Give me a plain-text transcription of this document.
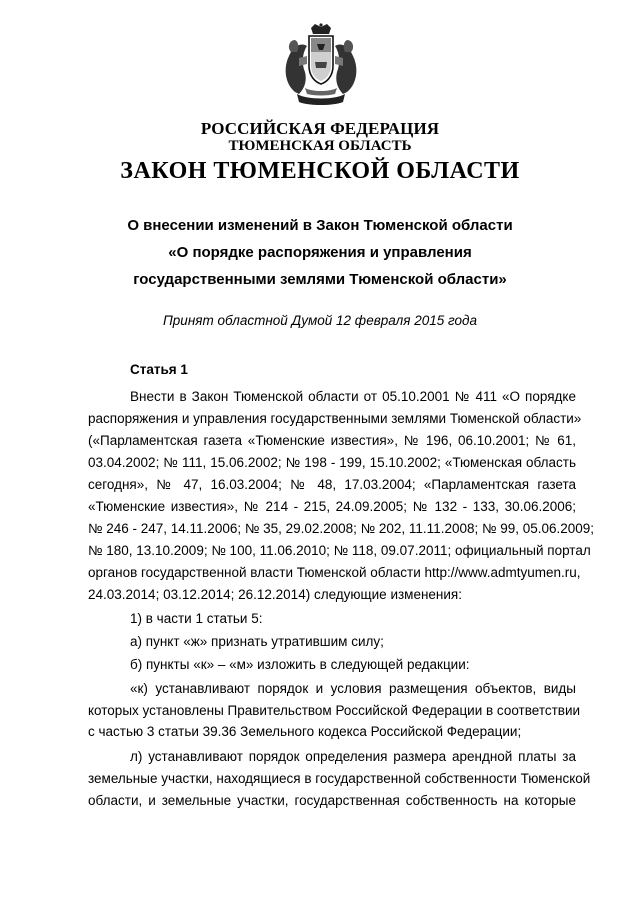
РОССИЙСКАЯ ФЕДЕРАЦИЯ
ТЮМЕНСКАЯ ОБЛАСТЬ
ЗАКОН ТЮМЕНСКОЙ ОБЛАСТИ
О внесении изменений в Закон Тюменской области
«О порядке распоряжения и управления
государственными землями Тюменской области»
Принят областной Думой 12 февраля 2015 года
Статья 1
Внести в Закон Тюменской области от 05.10.2001 № 411 «О порядке
распоряжения и управления государственными землями Тюменской области»
(«Парламентская газета «Тюменские известия», № 196, 06.10.2001; № 61,
03.04.2002; № 111, 15.06.2002; № 198 - 199, 15.10.2002; «Тюменская область
сегодня», № 47, 16.03.2004; № 48, 17.03.2004; «Парламентская газета
«Тюменские известия», № 214 - 215, 24.09.2005; № 132 - 133, 30.06.2006;
№ 246 - 247, 14.11.2006; № 35, 29.02.2008; № 202, 11.11.2008; № 99, 05.06.2009;
№ 180, 13.10.2009; № 100, 11.06.2010; № 118, 09.07.2011; официальный портал
органов государственной власти Тюменской области http://www.admtyumen.ru,
24.03.2014; 03.12.2014; 26.12.2014) следующие изменения:
1) в части 1 статьи 5:
а) пункт «ж» признать утратившим силу;
б) пункты «к» – «м» изложить в следующей редакции:
«к) устанавливают порядок и условия размещения объектов, виды
которых установлены Правительством Российской Федерации в соответствии
с частью 3 статьи 39.36 Земельного кодекса Российской Федерации;
л) устанавливают порядок определения размера арендной платы за
земельные участки, находящиеся в государственной собственности Тюменской
области, и земельные участки, государственная собственность на которые
